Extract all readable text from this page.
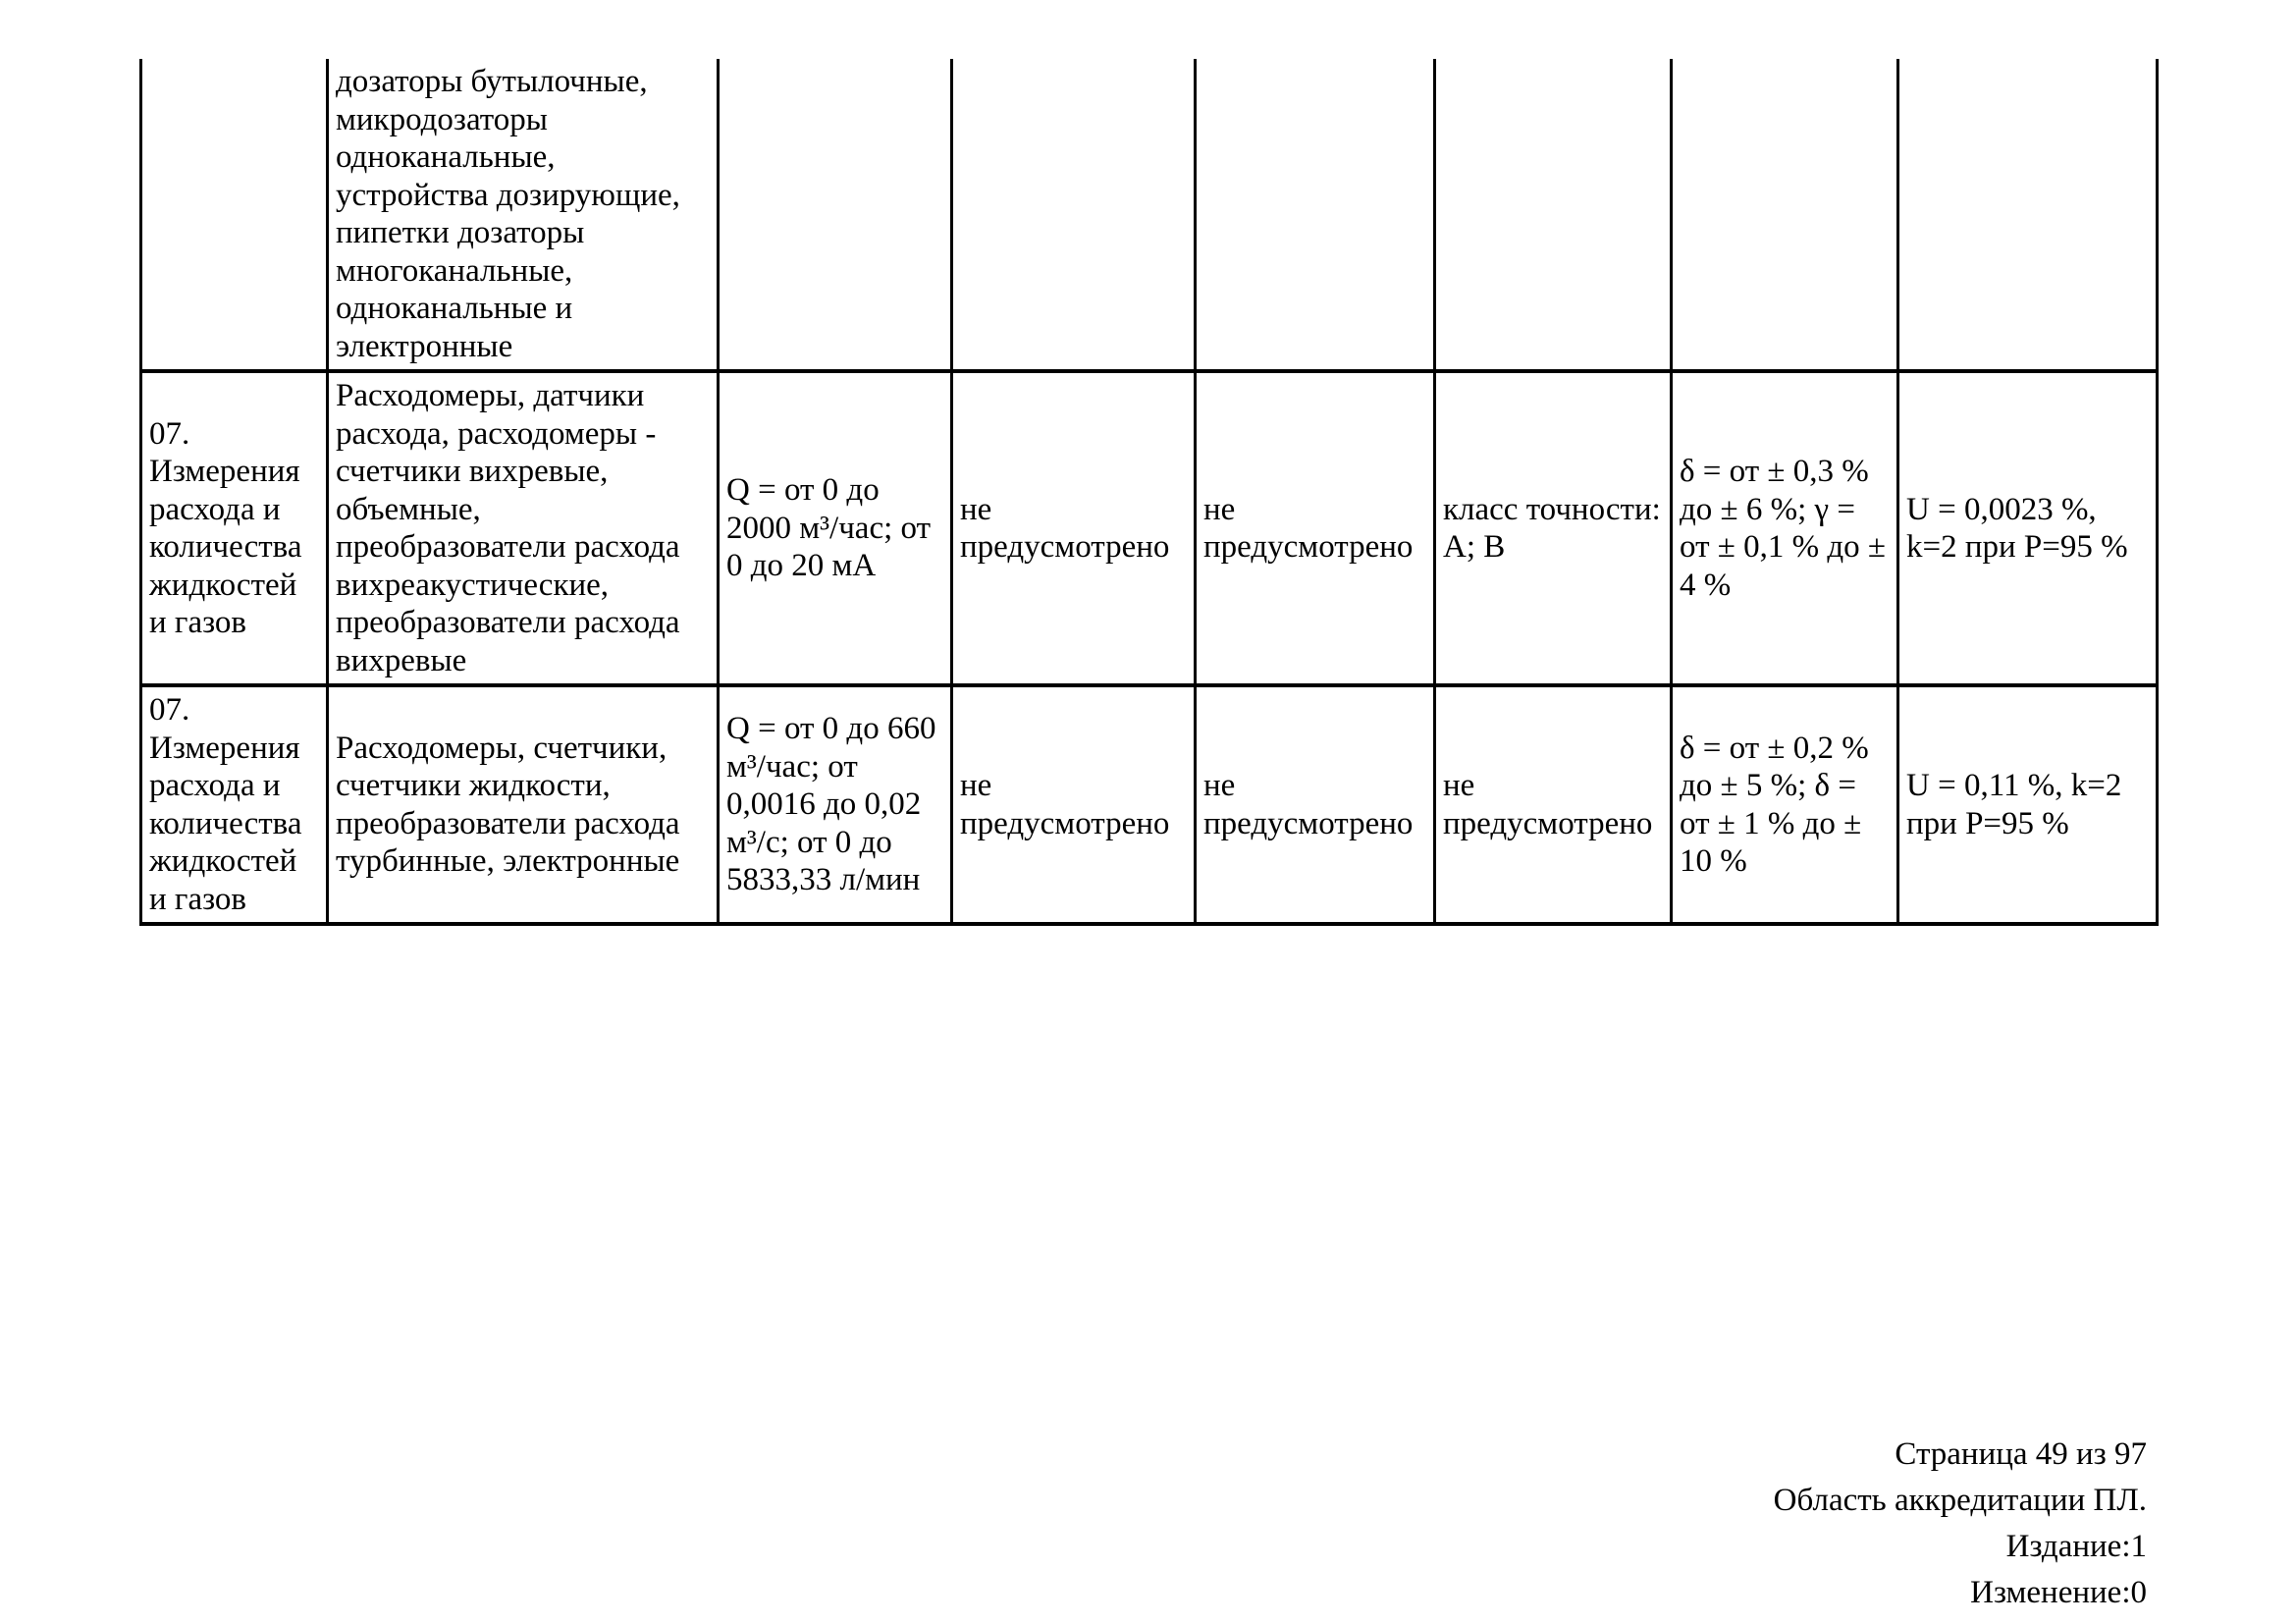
	дозаторы бутылочные, микродозаторы одноканальные, устройства дозирующие, пипетки дозаторы многоканальные, одноканальные и электронные						
07. Измерения расхода и количества жидкостей и газов	Расходомеры, датчики расхода, расходомеры - счетчики вихревые, объемные, преобразователи расхода вихреакустические, преобразователи расхода вихревые	Q = от 0 до 2000 м³/час; от 0 до 20 мА	не предусмотрено	не предусмотрено	класс точности: А; В	δ = от ± 0,3 % до ± 6 %; γ = от ± 0,1 % до ± 4 %	U = 0,0023 %, k=2 при Р=95 %
07. Измерения расхода и количества жидкостей и газов	Расходомеры, счетчики, счетчики жидкости, преобразователи расхода турбинные, электронные	Q = от 0 до 660 м³/час; от 0,0016 до 0,02 м³/с; от 0 до 5833,33 л/мин	не предусмотрено	не предусмотрено	не предусмотрено	δ = от ± 0,2 % до ± 5 %; δ = от ± 1 % до ± 10 %	U = 0,11 %, k=2 при Р=95 %
Страница 49 из 97
Область аккредитации ПЛ.
Издание:1
Изменение:0
